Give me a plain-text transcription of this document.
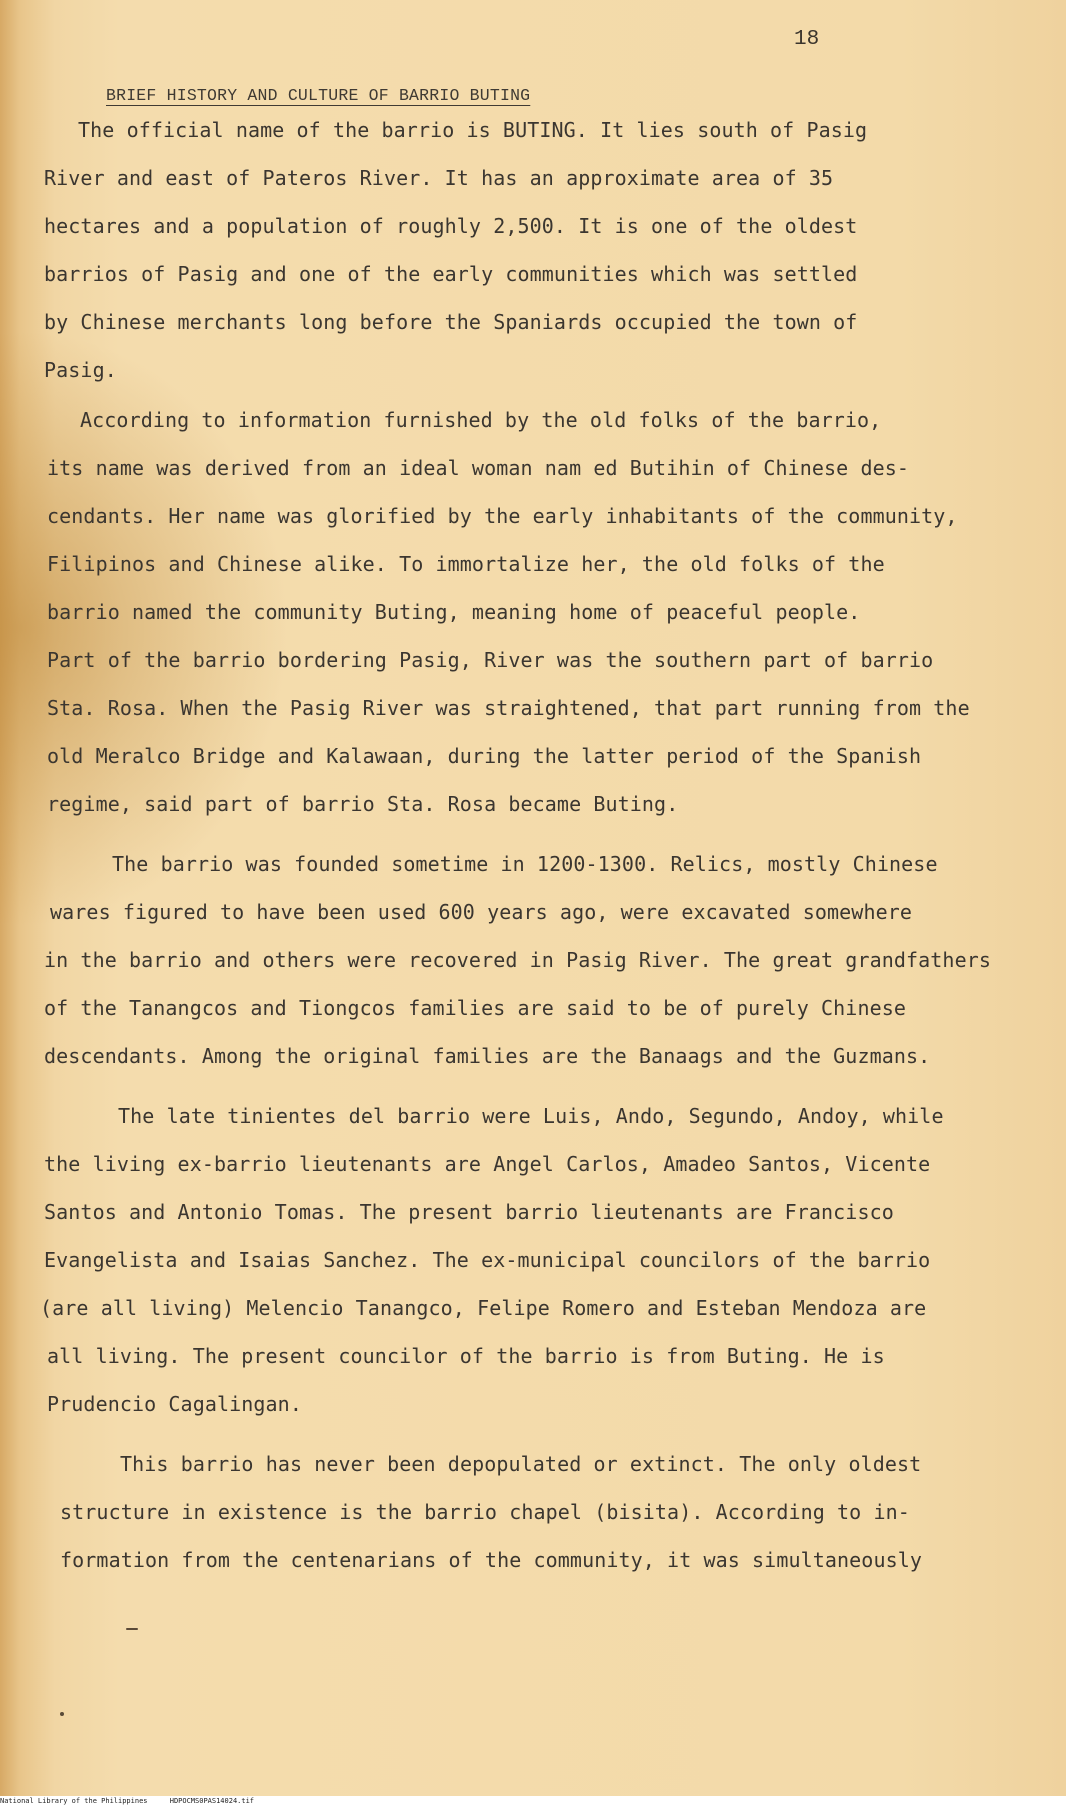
18
BRIEF HISTORY AND CULTURE OF BARRIO BUTING
The official name of the barrio is BUTING. It lies south of Pasig
River and east of Pateros River. It has an approximate area of 35
hectares and a population of roughly 2,500. It is one of the oldest
barrios of Pasig and one of the early communities which was settled
by Chinese merchants long before the Spaniards occupied the town of
Pasig.
According to information furnished by the old folks of the barrio,
its name was derived from an ideal woman nam ed Butihin of Chinese des-
cendants. Her name was glorified by the early inhabitants of the community,
Filipinos and Chinese alike. To immortalize her, the old folks of the
barrio named the community Buting, meaning home of peaceful people.
Part of the barrio bordering Pasig, River was the southern part of barrio
Sta. Rosa. When the Pasig River was straightened, that part running from the
old Meralco Bridge and Kalawaan, during the latter period of the Spanish
regime, said part of barrio Sta. Rosa became Buting.
The barrio was founded sometime in 1200-1300. Relics, mostly Chinese
wares figured to have been used 600 years ago, were excavated somewhere
in the barrio and others were recovered in Pasig River. The great grandfathers
of the Tanangcos and Tiongcos families are said to be of purely Chinese
descendants. Among the original families are the Banaags and the Guzmans.
The late tinientes del barrio were Luis, Ando, Segundo, Andoy, while
the living ex-barrio lieutenants are Angel Carlos, Amadeo Santos, Vicente
Santos and Antonio Tomas. The present barrio lieutenants are Francisco
Evangelista and Isaias Sanchez. The ex-municipal councilors of the barrio
(are all living) Melencio Tanangco, Felipe Romero and Esteban Mendoza are
all living. The present councilor of the barrio is from Buting. He is
Prudencio Cagalingan.
This barrio has never been depopulated or extinct. The only oldest
structure in existence is the barrio chapel (bisita). According to in-
formation from the centenarians of the community, it was simultaneously
National Library of the Philippines	HDPOCMS0PAS14024.tif
